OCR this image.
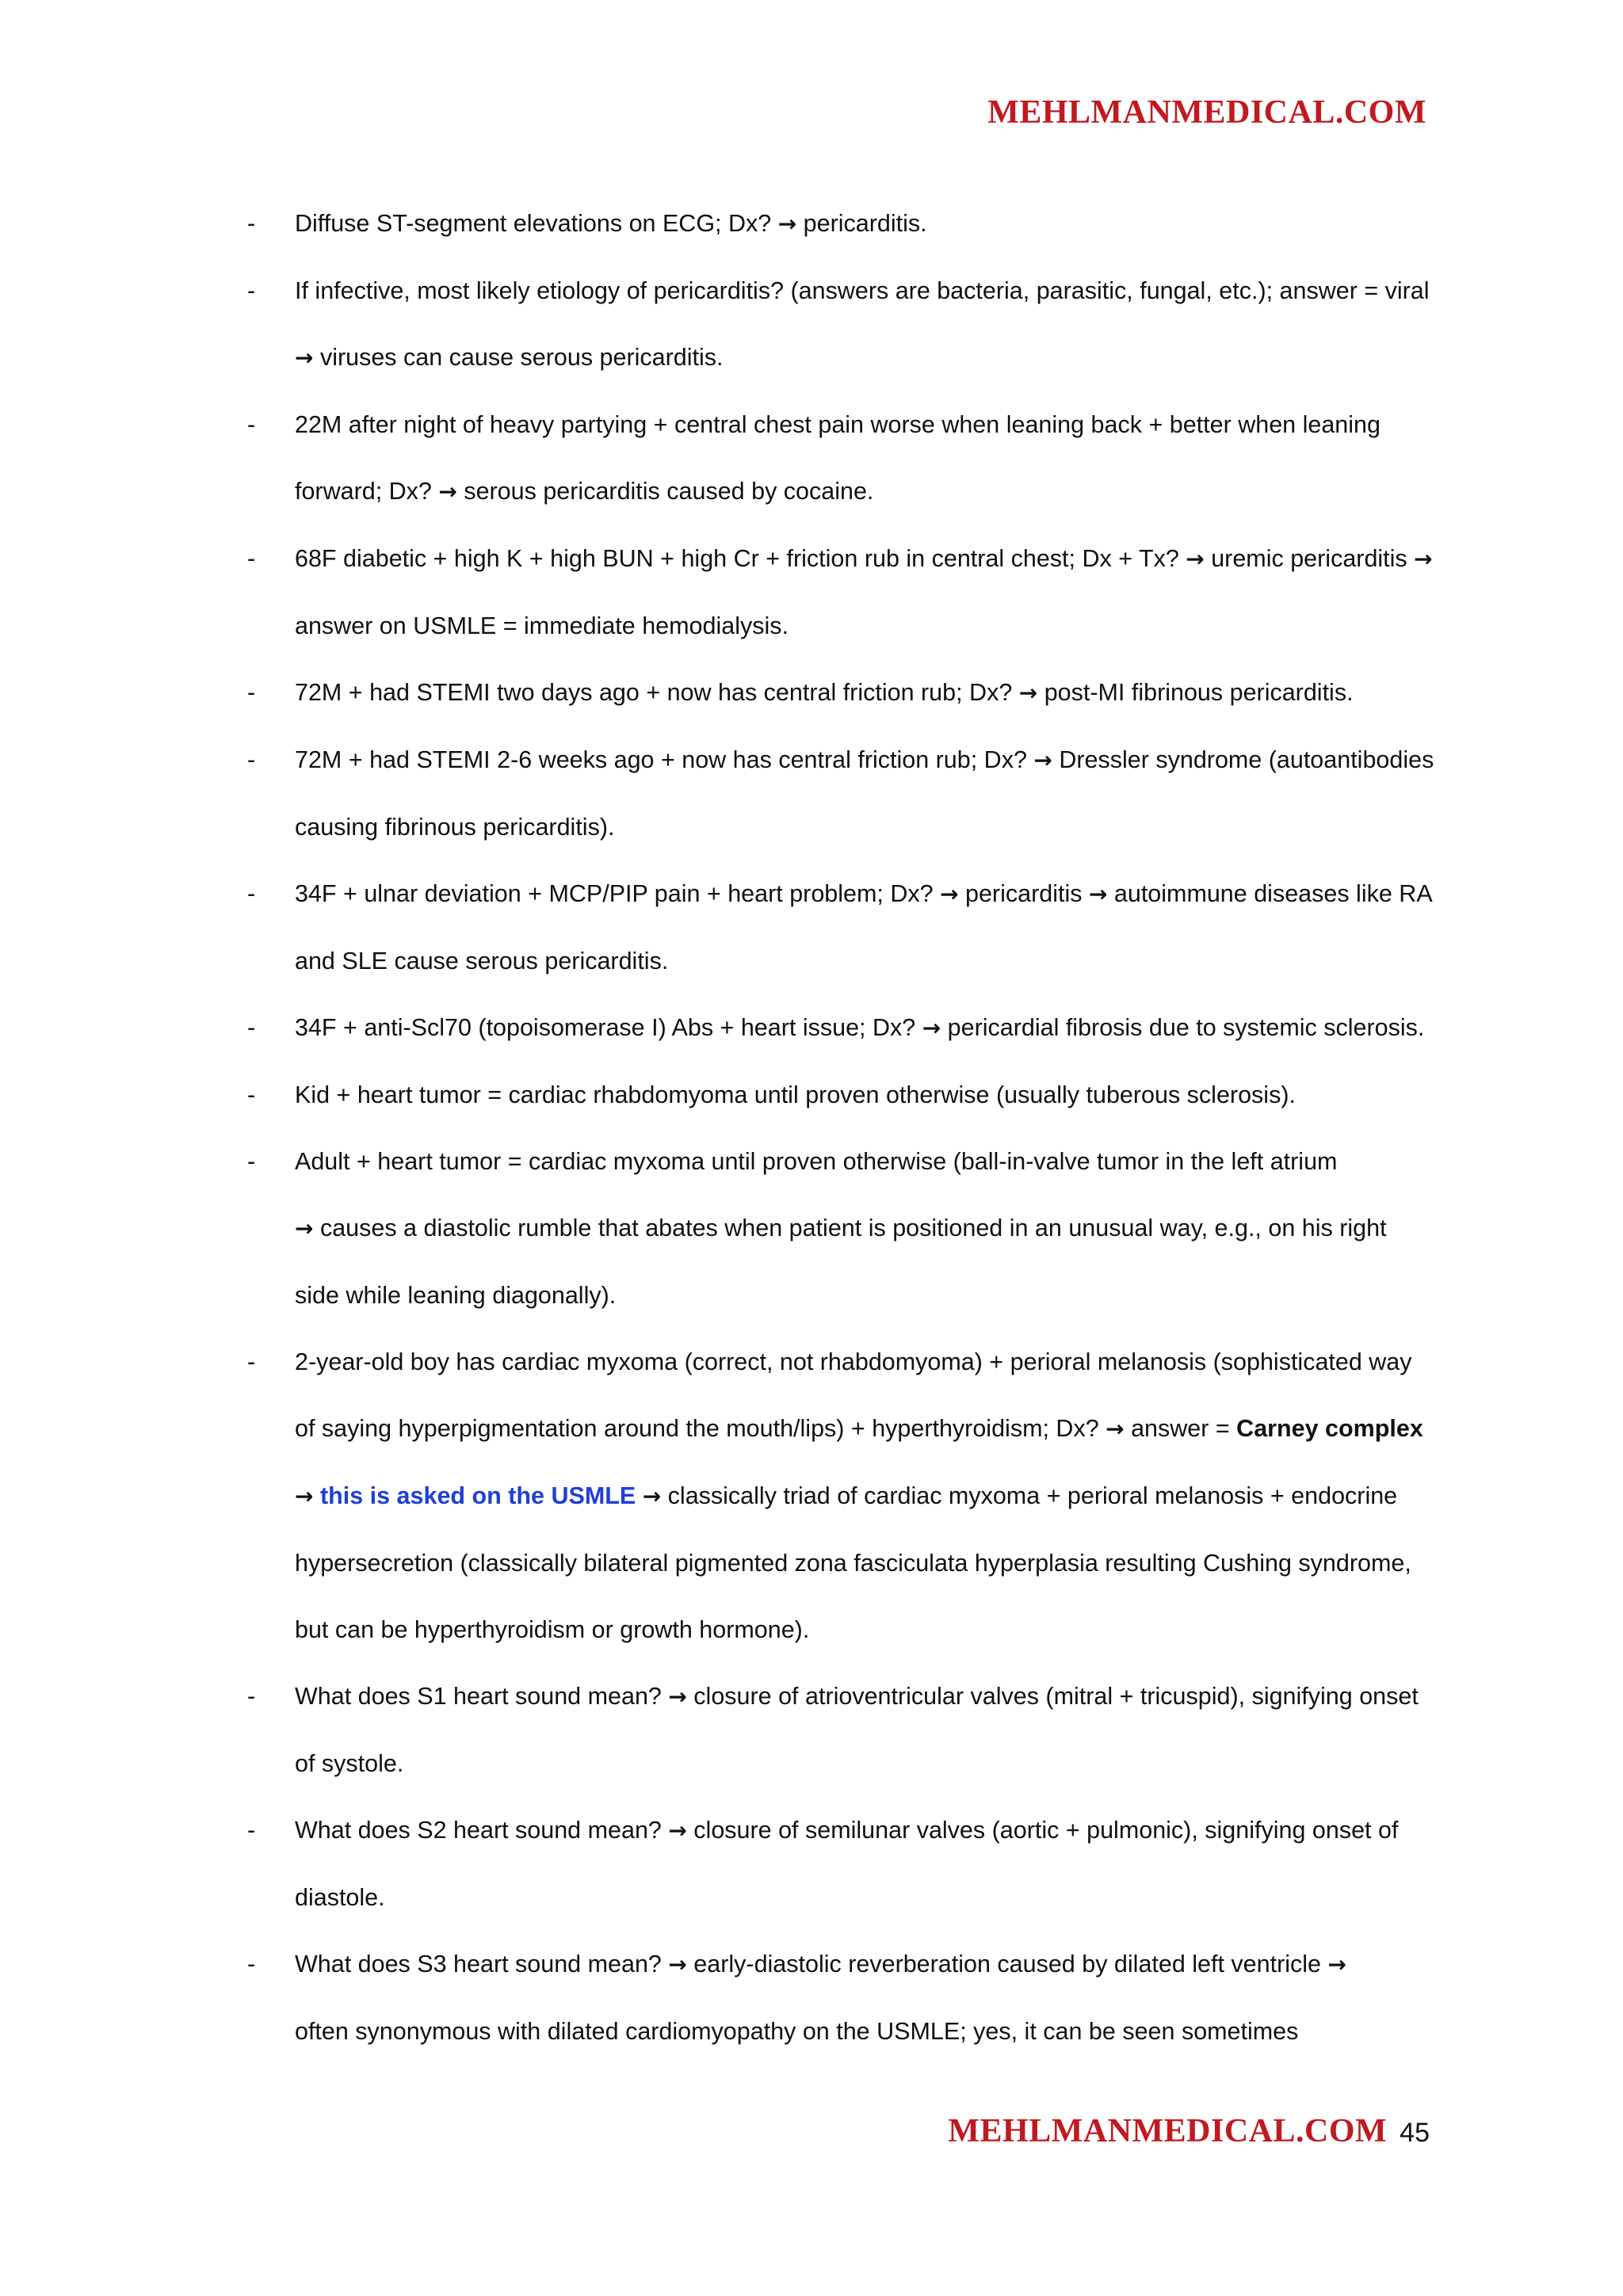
MEHLMANMEDICAL.COM
- Diffuse ST-segment elevations on ECG; Dx? → pericarditis.
- If infective, most likely etiology of pericarditis? (answers are bacteria, parasitic, fungal, etc.); answer = viral → viruses can cause serous pericarditis.
- 22M after night of heavy partying + central chest pain worse when leaning back + better when leaning forward; Dx? → serous pericarditis caused by cocaine.
- 68F diabetic + high K + high BUN + high Cr + friction rub in central chest; Dx + Tx? → uremic pericarditis → answer on USMLE = immediate hemodialysis.
- 72M + had STEMI two days ago + now has central friction rub; Dx? → post-MI fibrinous pericarditis.
- 72M + had STEMI 2-6 weeks ago + now has central friction rub; Dx? → Dressler syndrome (autoantibodies causing fibrinous pericarditis).
- 34F + ulnar deviation + MCP/PIP pain + heart problem; Dx? → pericarditis → autoimmune diseases like RA and SLE cause serous pericarditis.
- 34F + anti-Scl70 (topoisomerase I) Abs + heart issue; Dx? → pericardial fibrosis due to systemic sclerosis.
- Kid + heart tumor = cardiac rhabdomyoma until proven otherwise (usually tuberous sclerosis).
- Adult + heart tumor = cardiac myxoma until proven otherwise (ball-in-valve tumor in the left atrium
→ causes a diastolic rumble that abates when patient is positioned in an unusual way, e.g., on his right side while leaning diagonally).
- 2-year-old boy has cardiac myxoma (correct, not rhabdomyoma) + perioral melanosis (sophisticated way of saying hyperpigmentation around the mouth/lips) + hyperthyroidism; Dx? → answer = Carney complex → this is asked on the USMLE → classically triad of cardiac myxoma + perioral melanosis + endocrine hypersecretion (classically bilateral pigmented zona fasciculata hyperplasia resulting Cushing syndrome, but can be hyperthyroidism or growth hormone).
- What does S1 heart sound mean? → closure of atrioventricular valves (mitral + tricuspid), signifying onset of systole.
- What does S2 heart sound mean? → closure of semilunar valves (aortic + pulmonic), signifying onset of diastole.
- What does S3 heart sound mean? → early-diastolic reverberation caused by dilated left ventricle →
often synonymous with dilated cardiomyopathy on the USMLE; yes, it can be seen sometimes
MEHLMANMEDICAL.COM 45
